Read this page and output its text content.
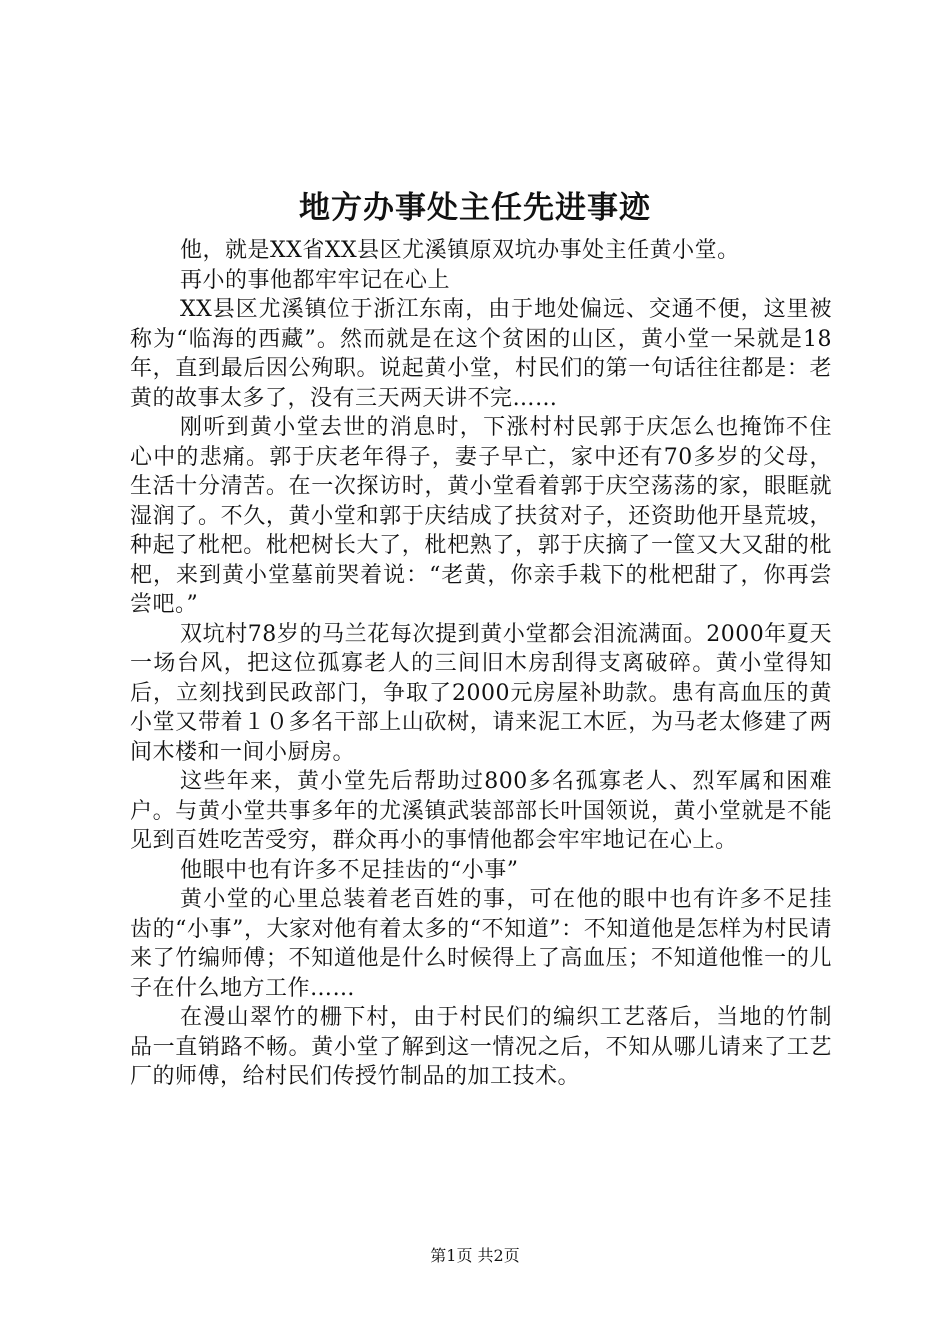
地方办事处主任先进事迹

他，就是XX省XX县区尤溪镇原双坑办事处主任黄小堂。

再小的事他都牢牢记在心上

XX县区尤溪镇位于浙江东南，由于地处偏远、交通不便，这里被称为“临海的西藏”。然而就是在这个贫困的山区，黄小堂一呆就是18年，直到最后因公殉职。说起黄小堂，村民们的第一句话往往都是：老黄的故事太多了，没有三天两天讲不完……

刚听到黄小堂去世的消息时，下涨村村民郭于庆怎么也掩饰不住心中的悲痛。郭于庆老年得子，妻子早亡，家中还有70多岁的父母，生活十分清苦。在一次探访时，黄小堂看着郭于庆空荡荡的家，眼眶就湿润了。不久，黄小堂和郭于庆结成了扶贫对子，还资助他开垦荒坡，种起了枇杷。枇杷树长大了，枇杷熟了，郭于庆摘了一筐又大又甜的枇杷，来到黄小堂墓前哭着说：“老黄，你亲手栽下的枇杷甜了，你再尝尝吧。”

双坑村78岁的马兰花每次提到黄小堂都会泪流满面。2000年夏天一场台风，把这位孤寡老人的三间旧木房刮得支离破碎。黄小堂得知后，立刻找到民政部门，争取了2000元房屋补助款。患有高血压的黄小堂又带着１０多名干部上山砍树，请来泥工木匠，为马老太修建了两间木楼和一间小厨房。

这些年来，黄小堂先后帮助过800多名孤寡老人、烈军属和困难户。与黄小堂共事多年的尤溪镇武装部部长叶国领说，黄小堂就是不能见到百姓吃苦受穷，群众再小的事情他都会牢牢地记在心上。

他眼中也有许多不足挂齿的“小事”

黄小堂的心里总装着老百姓的事，可在他的眼中也有许多不足挂齿的“小事”，大家对他有着太多的“不知道”：不知道他是怎样为村民请来了竹编师傅；不知道他是什么时候得上了高血压；不知道他惟一的儿子在什么地方工作……

在漫山翠竹的栅下村，由于村民们的编织工艺落后，当地的竹制品一直销路不畅。黄小堂了解到这一情况之后，不知从哪儿请来了工艺厂的师傅，给村民们传授竹制品的加工技术。

第1页 共2页
